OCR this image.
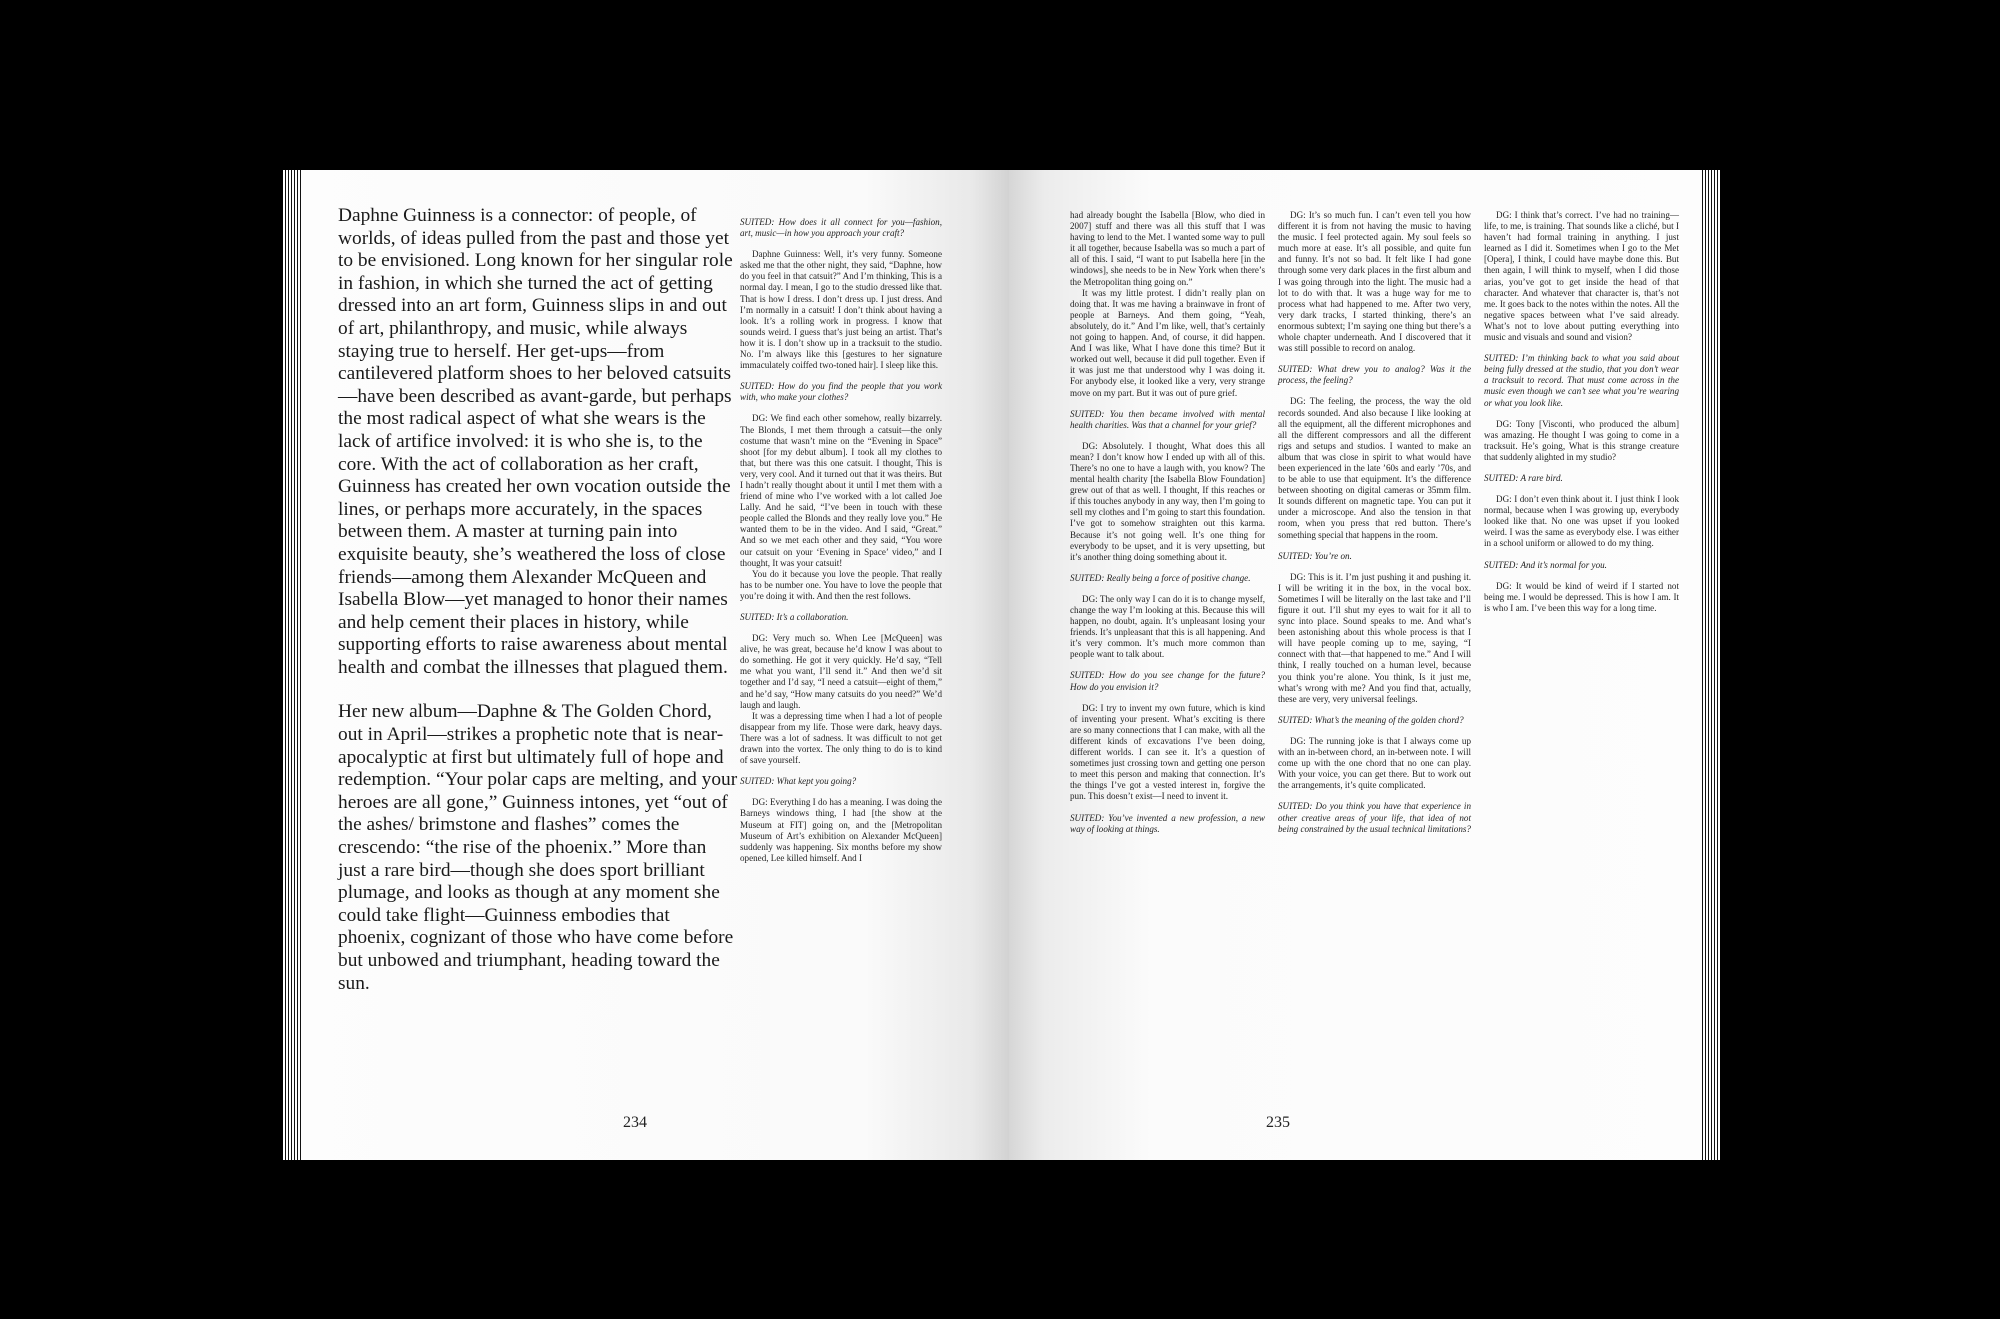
Daphne Guinness is a connector: of people, of worlds, of ideas pulled from the past and those yet to be envisioned. Long known for her singular role in fashion, in which she turned the act of getting dressed into an art form, Guinness slips in and out of art, philanthropy, and music, while always staying true to herself. Her get-ups—from cantilevered platform shoes to her beloved catsuits—have been described as avant-garde, but perhaps the most radical aspect of what she wears is the lack of artifice involved: it is who she is, to the core. With the act of collaboration as her craft, Guinness has created her own vocation outside the lines, or perhaps more accurately, in the spaces between them. A master at turning pain into exquisite beauty, she’s weathered the loss of close friends—among them Alexander McQueen and Isabella Blow—yet managed to honor their names and help cement their places in history, while supporting efforts to raise awareness about mental health and combat the illnesses that plagued them.

Her new album—Daphne & The Golden Chord, out in April—strikes a prophetic note that is near-apocalyptic at first but ultimately full of hope and redemption. “Your polar caps are melting, and your heroes are all gone,” Guinness intones, yet “out of the ashes/ brimstone and flashes” comes the crescendo: “the rise of the phoenix.” More than just a rare bird—though she does sport brilliant plumage, and looks as though at any moment she could take flight—Guinness embodies that phoenix, cognizant of those who have come before but unbowed and triumphant, heading toward the sun.

SUITED: How does it all connect for you—fashion, art, music—in how you approach your craft?

Daphne Guinness: Well, it’s very funny. Someone asked me that the other night, they said, “Daphne, how do you feel in that catsuit?” And I’m thinking, This is a normal day. I mean, I go to the studio dressed like that. That is how I dress. I don’t dress up. I just dress. And I’m normally in a catsuit! I don’t think about having a look. It’s a rolling work in progress. I know that sounds weird. I guess that’s just being an artist. That’s how it is. I don’t show up in a tracksuit to the studio. No. I’m always like this [gestures to her signature immaculately coiffed two-toned hair]. I sleep like this.

SUITED: How do you find the people that you work with, who make your clothes?

DG: We find each other somehow, really bizarrely. The Blonds, I met them through a catsuit—the only costume that wasn’t mine on the “Evening in Space” shoot [for my debut album]. I took all my clothes to that, but there was this one catsuit. I thought, This is very, very cool. And it turned out that it was theirs. But I hadn’t really thought about it until I met them with a friend of mine who I’ve worked with a lot called Joe Lally. And he said, “I’ve been in touch with these people called the Blonds and they really love you.” He wanted them to be in the video. And I said, “Great.” And so we met each other and they said, “You wore our catsuit on your ‘Evening in Space’ video,” and I thought, It was your catsuit!

You do it because you love the people. That really has to be number one. You have to love the people that you’re doing it with. And then the rest follows.

SUITED: It’s a collaboration.

DG: Very much so. When Lee [McQueen] was alive, he was great, because he’d know I was about to do something. He got it very quickly. He’d say, “Tell me what you want, I’ll send it.” And then we’d sit together and I’d say, “I need a catsuit—eight of them,” and he’d say, “How many catsuits do you need?” We’d laugh and laugh.

It was a depressing time when I had a lot of people disappear from my life. Those were dark, heavy days. There was a lot of sadness. It was difficult to not get drawn into the vortex. The only thing to do is to kind of save yourself.

SUITED: What kept you going?

DG: Everything I do has a meaning. I was doing the Barneys windows thing, I had [the show at the Museum at FIT] going on, and the [Metropolitan Museum of Art’s exhibition on Alexander McQueen] suddenly was happening. Six months before my show opened, Lee killed himself. And I

234

had already bought the Isabella [Blow, who died in 2007] stuff and there was all this stuff that I was having to lend to the Met. I wanted some way to pull it all together, because Isabella was so much a part of all of this. I said, “I want to put Isabella here [in the windows], she needs to be in New York when there’s the Metropolitan thing going on.”

It was my little protest. I didn’t really plan on doing that. It was me having a brainwave in front of people at Barneys. And them going, “Yeah, absolutely, do it.” And I’m like, well, that’s certainly not going to happen. And, of course, it did happen. And I was like, What I have done this time? But it worked out well, because it did pull together. Even if it was just me that understood why I was doing it. For anybody else, it looked like a very, very strange move on my part. But it was out of pure grief.

SUITED: You then became involved with mental health charities. Was that a channel for your grief?

DG: Absolutely. I thought, What does this all mean? I don’t know how I ended up with all of this. There’s no one to have a laugh with, you know? The mental health charity [the Isabella Blow Foundation] grew out of that as well. I thought, If this reaches or if this touches anybody in any way, then I’m going to sell my clothes and I’m going to start this foundation. I’ve got to somehow straighten out this karma. Because it’s not going well. It’s one thing for everybody to be upset, and it is very upsetting, but it’s another thing doing something about it.

SUITED: Really being a force of positive change.

DG: The only way I can do it is to change myself, change the way I’m looking at this. Because this will happen, no doubt, again. It’s unpleasant losing your friends. It’s unpleasant that this is all happening. And it’s very common. It’s much more common than people want to talk about.

SUITED: How do you see change for the future? How do you envision it?

DG: I try to invent my own future, which is kind of inventing your present. What’s exciting is there are so many connections that I can make, with all the different kinds of excavations I’ve been doing, different worlds. I can see it. It’s a question of sometimes just crossing town and getting one person to meet this person and making that connection. It’s the things I’ve got a vested interest in, forgive the pun. This doesn’t exist—I need to invent it.

SUITED: You’ve invented a new profession, a new way of looking at things.

DG: It’s so much fun. I can’t even tell you how different it is from not having the music to having the music. I feel protected again. My soul feels so much more at ease. It’s all possible, and quite fun and funny. It’s not so bad. It felt like I had gone through some very dark places in the first album and I was going through into the light. The music had a lot to do with that. It was a huge way for me to process what had happened to me. After two very, very dark tracks, I started thinking, there’s an enormous subtext; I’m saying one thing but there’s a whole chapter underneath. And I discovered that it was still possible to record on analog.

SUITED: What drew you to analog? Was it the process, the feeling?

DG: The feeling, the process, the way the old records sounded. And also because I like looking at all the equipment, all the different microphones and all the different compressors and all the different rigs and setups and studios. I wanted to make an album that was close in spirit to what would have been experienced in the late ’60s and early ’70s, and to be able to use that equipment. It’s the difference between shooting on digital cameras or 35mm film. It sounds different on magnetic tape. You can put it under a microscope. And also the tension in that room, when you press that red button. There’s something special that happens in the room.

SUITED: You’re on.

DG: This is it. I’m just pushing it and pushing it. I will be writing it in the box, in the vocal box. Sometimes I will be literally on the last take and I’ll figure it out. I’ll shut my eyes to wait for it all to sync into place. Sound speaks to me. And what’s been astonishing about this whole process is that I will have people coming up to me, saying, “I connect with that—that happened to me.” And I will think, I really touched on a human level, because you think you’re alone. You think, Is it just me, what’s wrong with me? And you find that, actually, these are very, very universal feelings.

SUITED: What’s the meaning of the golden chord?

DG: The running joke is that I always come up with an in-between chord, an in-between note. I will come up with the one chord that no one can play. With your voice, you can get there. But to work out the arrangements, it’s quite complicated.

SUITED: Do you think you have that experience in other creative areas of your life, that idea of not being constrained by the usual technical limitations?

DG: I think that’s correct. I’ve had no training—life, to me, is training. That sounds like a cliché, but I haven’t had formal training in anything. I just learned as I did it. Sometimes when I go to the Met [Opera], I think, I could have maybe done this. But then again, I will think to myself, when I did those arias, you’ve got to get inside the head of that character. And whatever that character is, that’s not me. It goes back to the notes within the notes. All the negative spaces between what I’ve said already. What’s not to love about putting everything into music and visuals and sound and vision?

SUITED: I’m thinking back to what you said about being fully dressed at the studio, that you don’t wear a tracksuit to record. That must come across in the music even though we can’t see what you’re wearing or what you look like.

DG: Tony [Visconti, who produced the album] was amazing. He thought I was going to come in a tracksuit. He’s going, What is this strange creature that suddenly alighted in my studio?

SUITED: A rare bird.

DG: I don’t even think about it. I just think I look normal, because when I was growing up, everybody looked like that. No one was upset if you looked weird. I was the same as everybody else. I was either in a school uniform or allowed to do my thing.

SUITED: And it’s normal for you.

DG: It would be kind of weird if I started not being me. I would be depressed. This is how I am. It is who I am. I’ve been this way for a long time.

235
